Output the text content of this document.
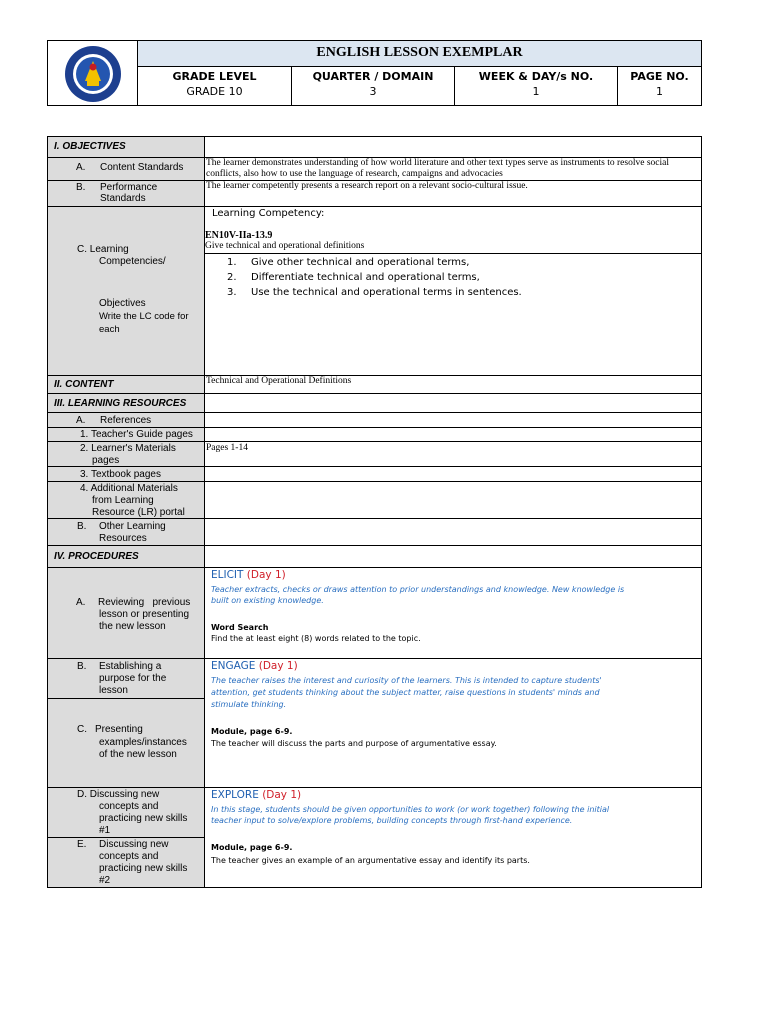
ENGLISH LESSON EXEMPLAR
GRADE LEVEL
GRADE 10
QUARTER / DOMAIN
3
WEEK & DAY/s NO.
1
PAGE NO.
1
I. OBJECTIVES
A. Content Standards The learner demonstrates understanding of how world literature and other text types serve as instruments to resolve social conflicts, also how to use the language of research, campaigns and advocacies
B. Performance
Standards
The learner competently presents a research report on a relevant socio-cultural issue.
C. Learning
Competencies/
Objectives
Write the LC code for
each
Learning Competency:
EN10V-IIa-13.9
Give technical and operational definitions
1. Give other technical and operational terms,
2. Differentiate technical and operational terms,
3. Use the technical and operational terms in sentences.
II. CONTENT	Technical and Operational Definitions
III. LEARNING RESOURCES
A. References
1. Teacher's Guide pages
2. Learner's Materials
pages
Pages 1-14
3. Textbook pages
4. Additional Materials
from Learning
Resource (LR) portal
B. Other Learning
Resources
IV. PROCEDURES
A. Reviewing   previous
lesson or presenting
the new lesson
ELICIT (Day 1)
Teacher extracts, checks or draws attention to prior understandings and knowledge. New knowledge is
built on existing knowledge.
Word Search
Find the at least eight (8) words related to the topic.
B. Establishing a
purpose for the
lesson
C. Presenting
examples/instances
of the new lesson
ENGAGE (Day 1)
The teacher raises the interest and curiosity of the learners. This is intended to capture students'
attention, get students thinking about the subject matter, raise questions in students' minds and
stimulate thinking.
Module, page 6-9.
The teacher will discuss the parts and purpose of argumentative essay.
D. Discussing new
concepts and
practicing new skills
#1
E. Discussing new
concepts and
practicing new skills
#2
EXPLORE (Day 1)
In this stage, students should be given opportunities to work (or work together) following the initial
teacher input to solve/explore problems, building concepts through first-hand experience.
Module, page 6-9.
The teacher gives an example of an argumentative essay and identify its parts.
